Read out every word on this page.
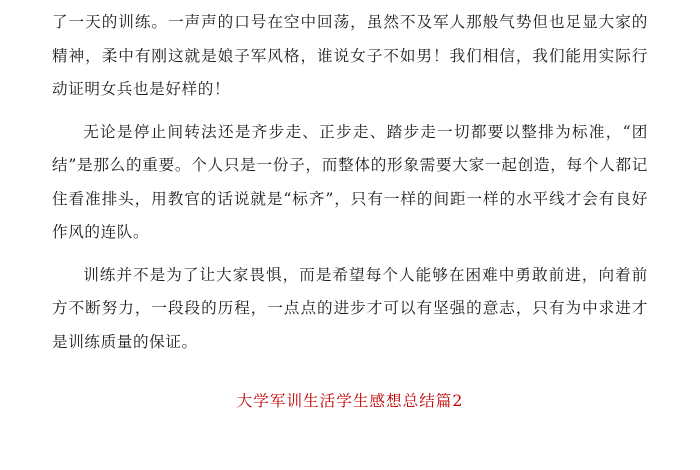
了一天的训练。一声声的口号在空中回荡，虽然不及军人那般气势但也足显大家的精神，柔中有刚这就是娘子军风格，谁说女子不如男！我们相信，我们能用实际行动证明女兵也是好样的！

无论是停止间转法还是齐步走、正步走、踏步走一切都要以整排为标准，“团结”是那么的重要。个人只是一份子，而整体的形象需要大家一起创造，每个人都记住看准排头，用教官的话说就是“标齐”，只有一样的间距一样的水平线才会有良好作风的连队。

训练并不是为了让大家畏惧，而是希望每个人能够在困难中勇敢前进，向着前方不断努力，一段段的历程，一点点的进步才可以有坚强的意志，只有为中求进才是训练质量的保证。

大学军训生活学生感想总结篇2
